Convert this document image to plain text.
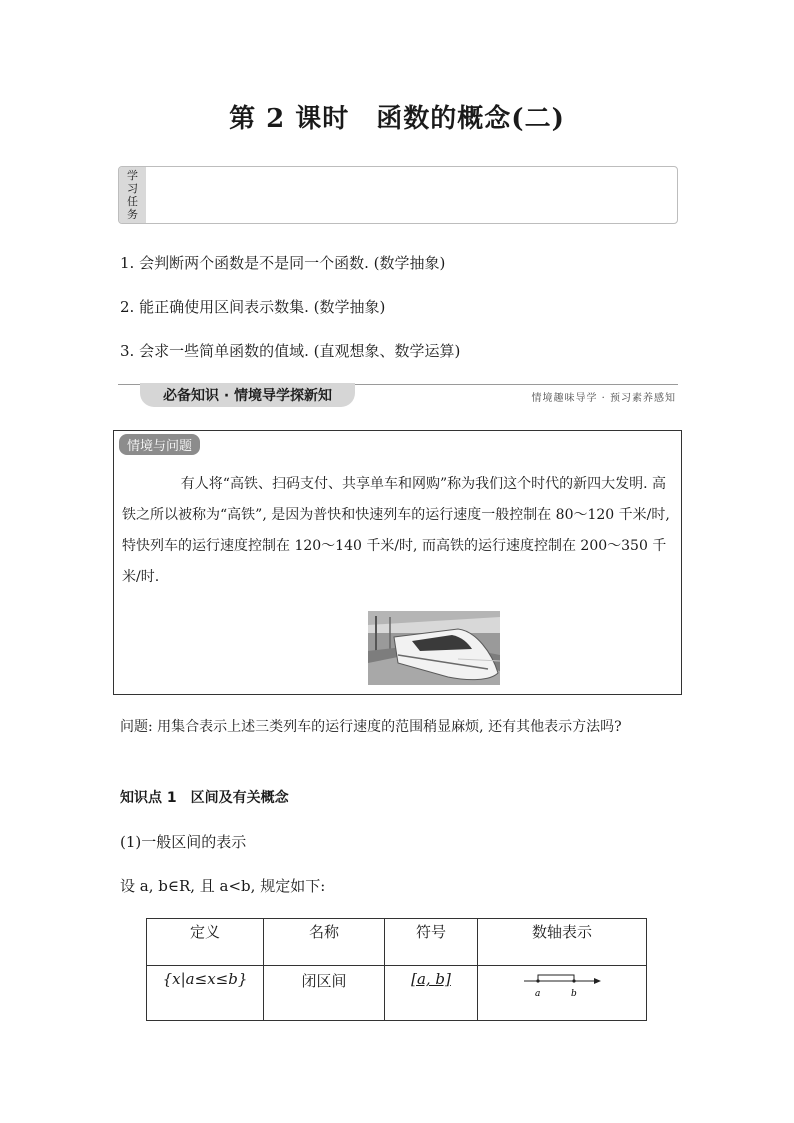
第 2 课时　函数的概念(二)
学习任务
1. 会判断两个函数是不是同一个函数. (数学抽象)
2. 能正确使用区间表示数集. (数学抽象)
3. 会求一些简单函数的值域. (直观想象、数学运算)
必备知识 · 情境导学探新知	情境趣味导学 · 预习素养感知
情境与问题
有人将“高铁、扫码支付、共享单车和网购”称为我们这个时代的新四大发明. 高铁之所以被称为“高铁”, 是因为普快和快速列车的运行速度一般控制在 80～120 千米/时, 特快列车的运行速度控制在 120～140 千米/时, 而高铁的运行速度控制在 200～350 千米/时.
问题: 用集合表示上述三类列车的运行速度的范围稍显麻烦, 还有其他表示方法吗?
知识点 1　区间及有关概念
(1)一般区间的表示
设 a, b∈R, 且 a<b, 规定如下:
定义	名称	符号	数轴表示
{x|a≤x≤b}	闭区间	[a, b]	a b
